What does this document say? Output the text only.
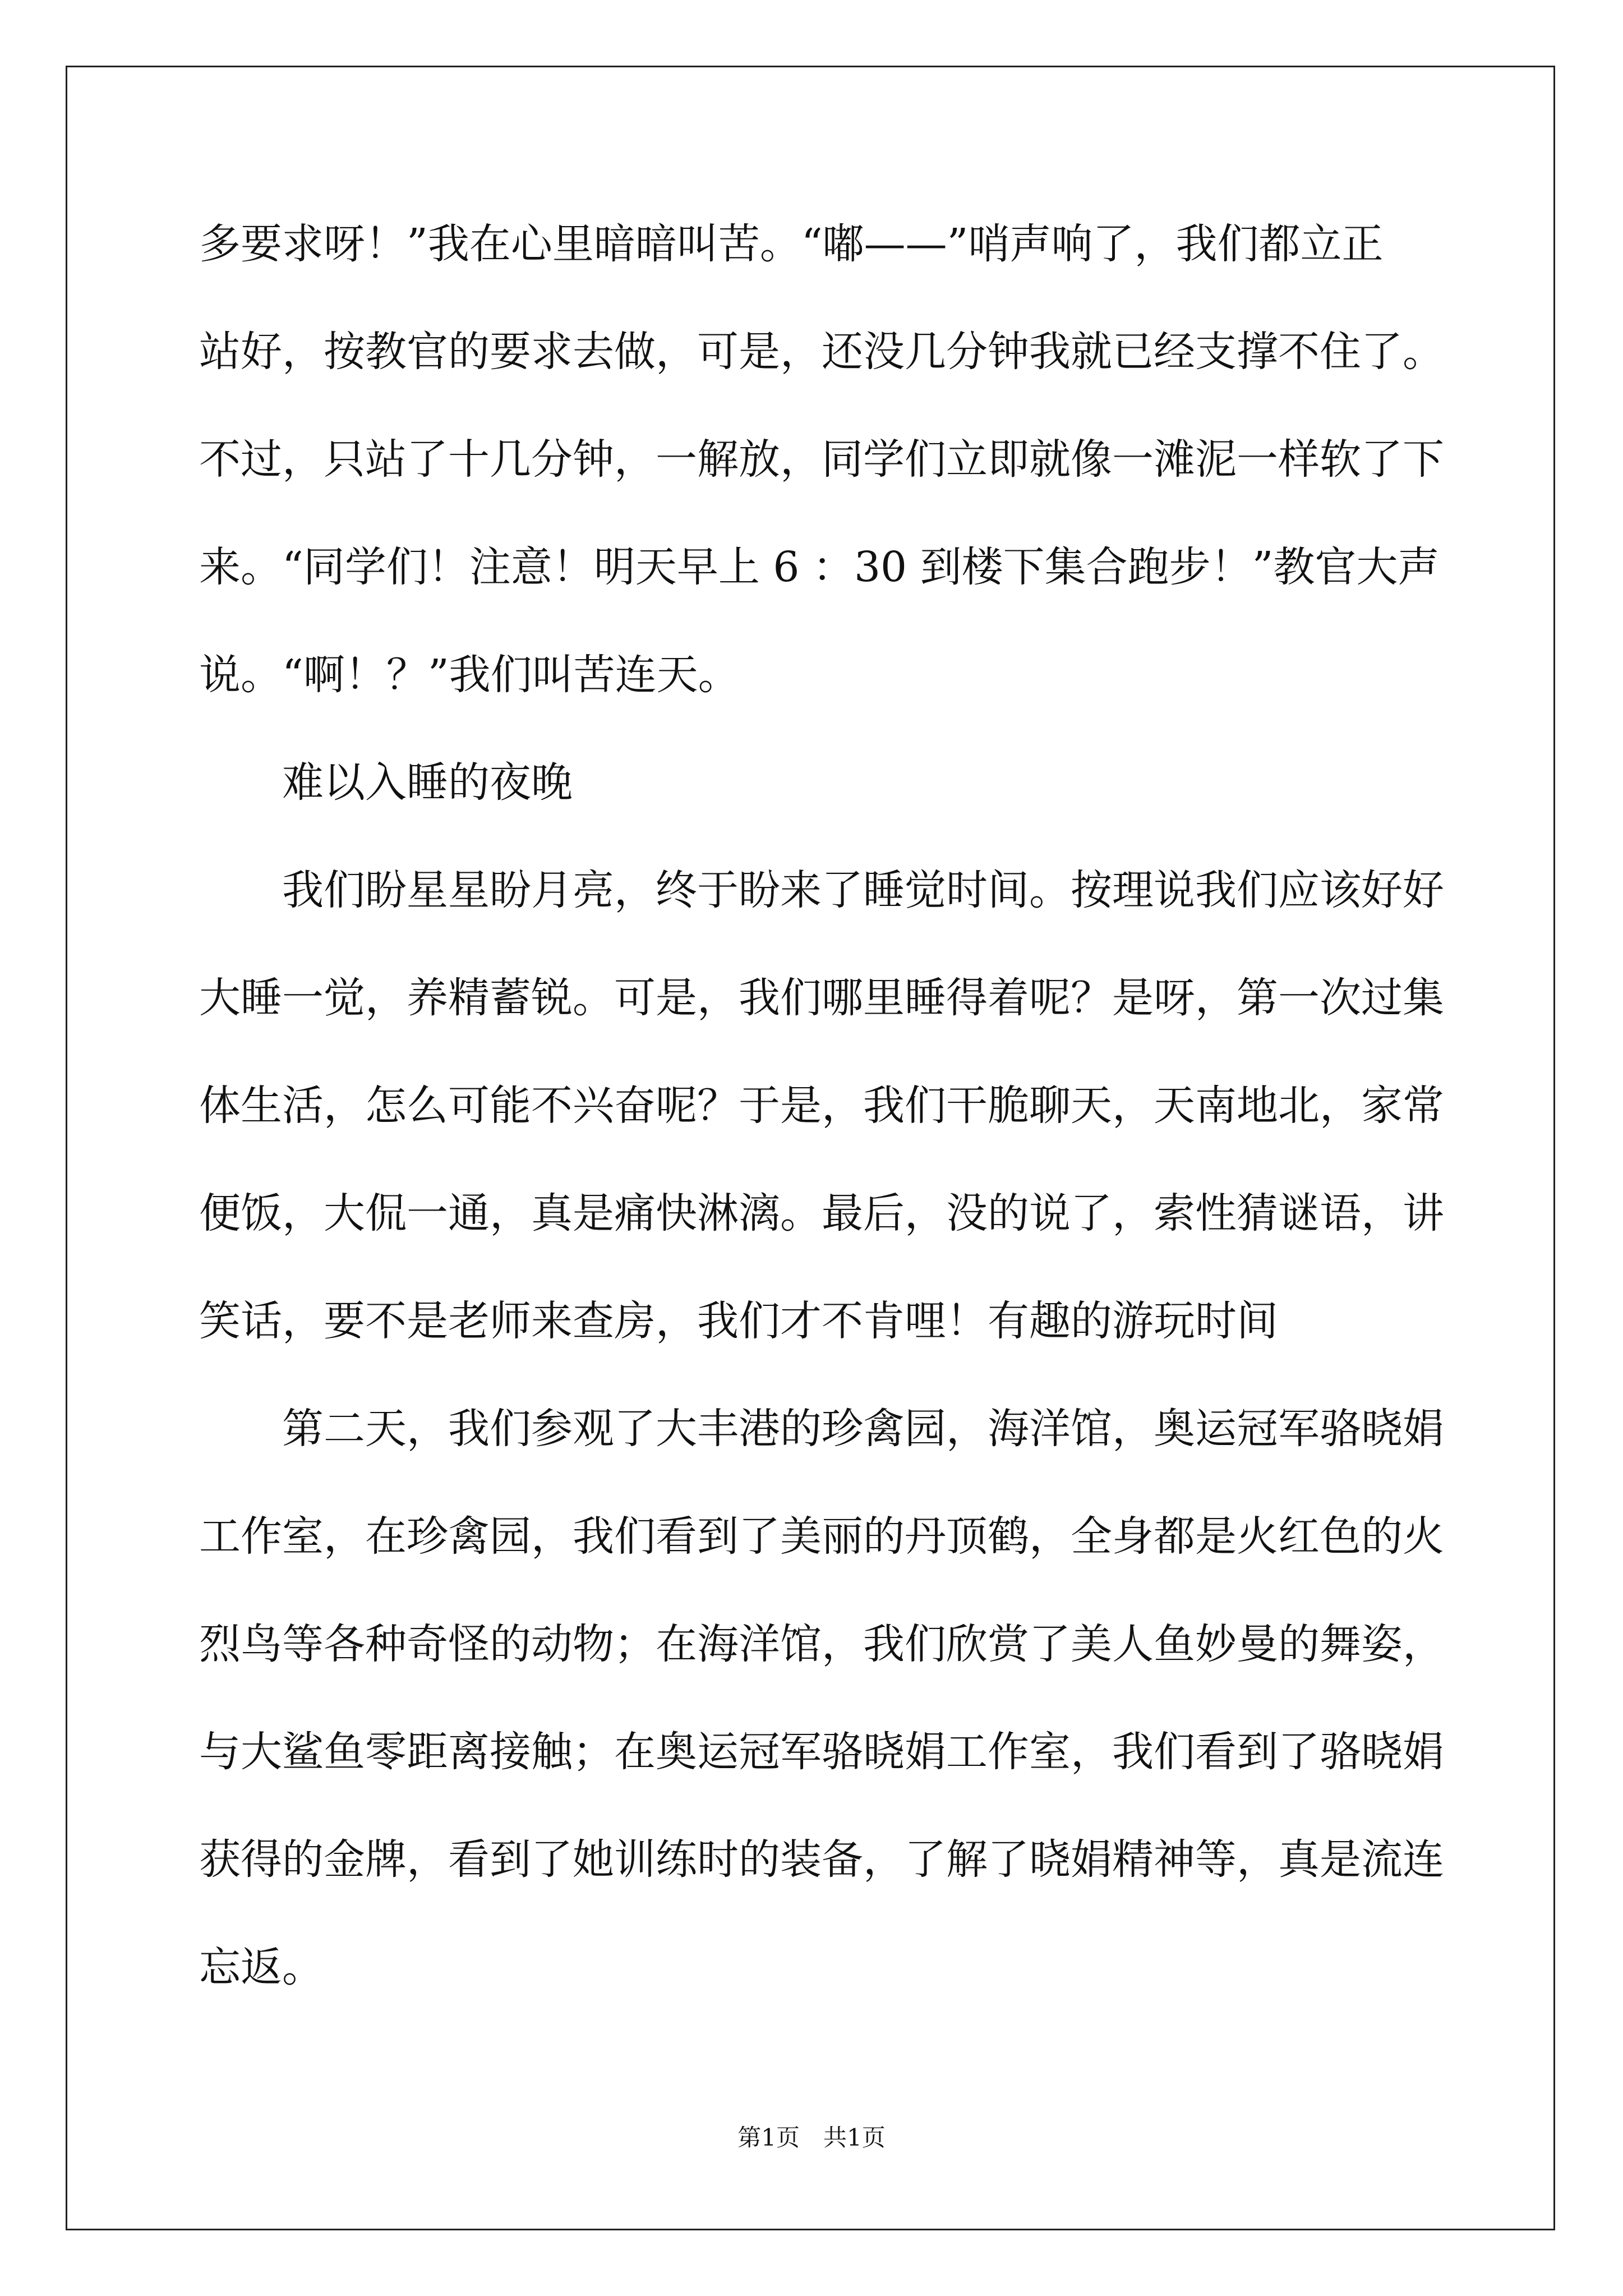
多要求呀！”我在心里暗暗叫苦。“嘟——”哨声响了，我们都立正
站好，按教官的要求去做，可是，还没几分钟我就已经支撑不住了。
不过，只站了十几分钟，一解放，同学们立即就像一滩泥一样软了下
来。“同学们！注意！明天早上 6 ：30 到楼下集合跑步！”教官大声
说。“啊！？”我们叫苦连天。
难以入睡的夜晚
我们盼星星盼月亮，终于盼来了睡觉时间。按理说我们应该好好
大睡一觉，养精蓄锐。可是，我们哪里睡得着呢？是呀，第一次过集
体生活，怎么可能不兴奋呢？于是，我们干脆聊天，天南地北，家常
便饭，大侃一通，真是痛快淋漓。最后，没的说了，索性猜谜语，讲
笑话，要不是老师来查房，我们才不肯哩！有趣的游玩时间
第二天，我们参观了大丰港的珍禽园，海洋馆，奥运冠军骆晓娟
工作室，在珍禽园，我们看到了美丽的丹顶鹤，全身都是火红色的火
烈鸟等各种奇怪的动物；在海洋馆，我们欣赏了美人鱼妙曼的舞姿，
与大鲨鱼零距离接触；在奥运冠军骆晓娟工作室，我们看到了骆晓娟
获得的金牌，看到了她训练时的装备，了解了晓娟精神等，真是流连
忘返。
第1页　共1页
